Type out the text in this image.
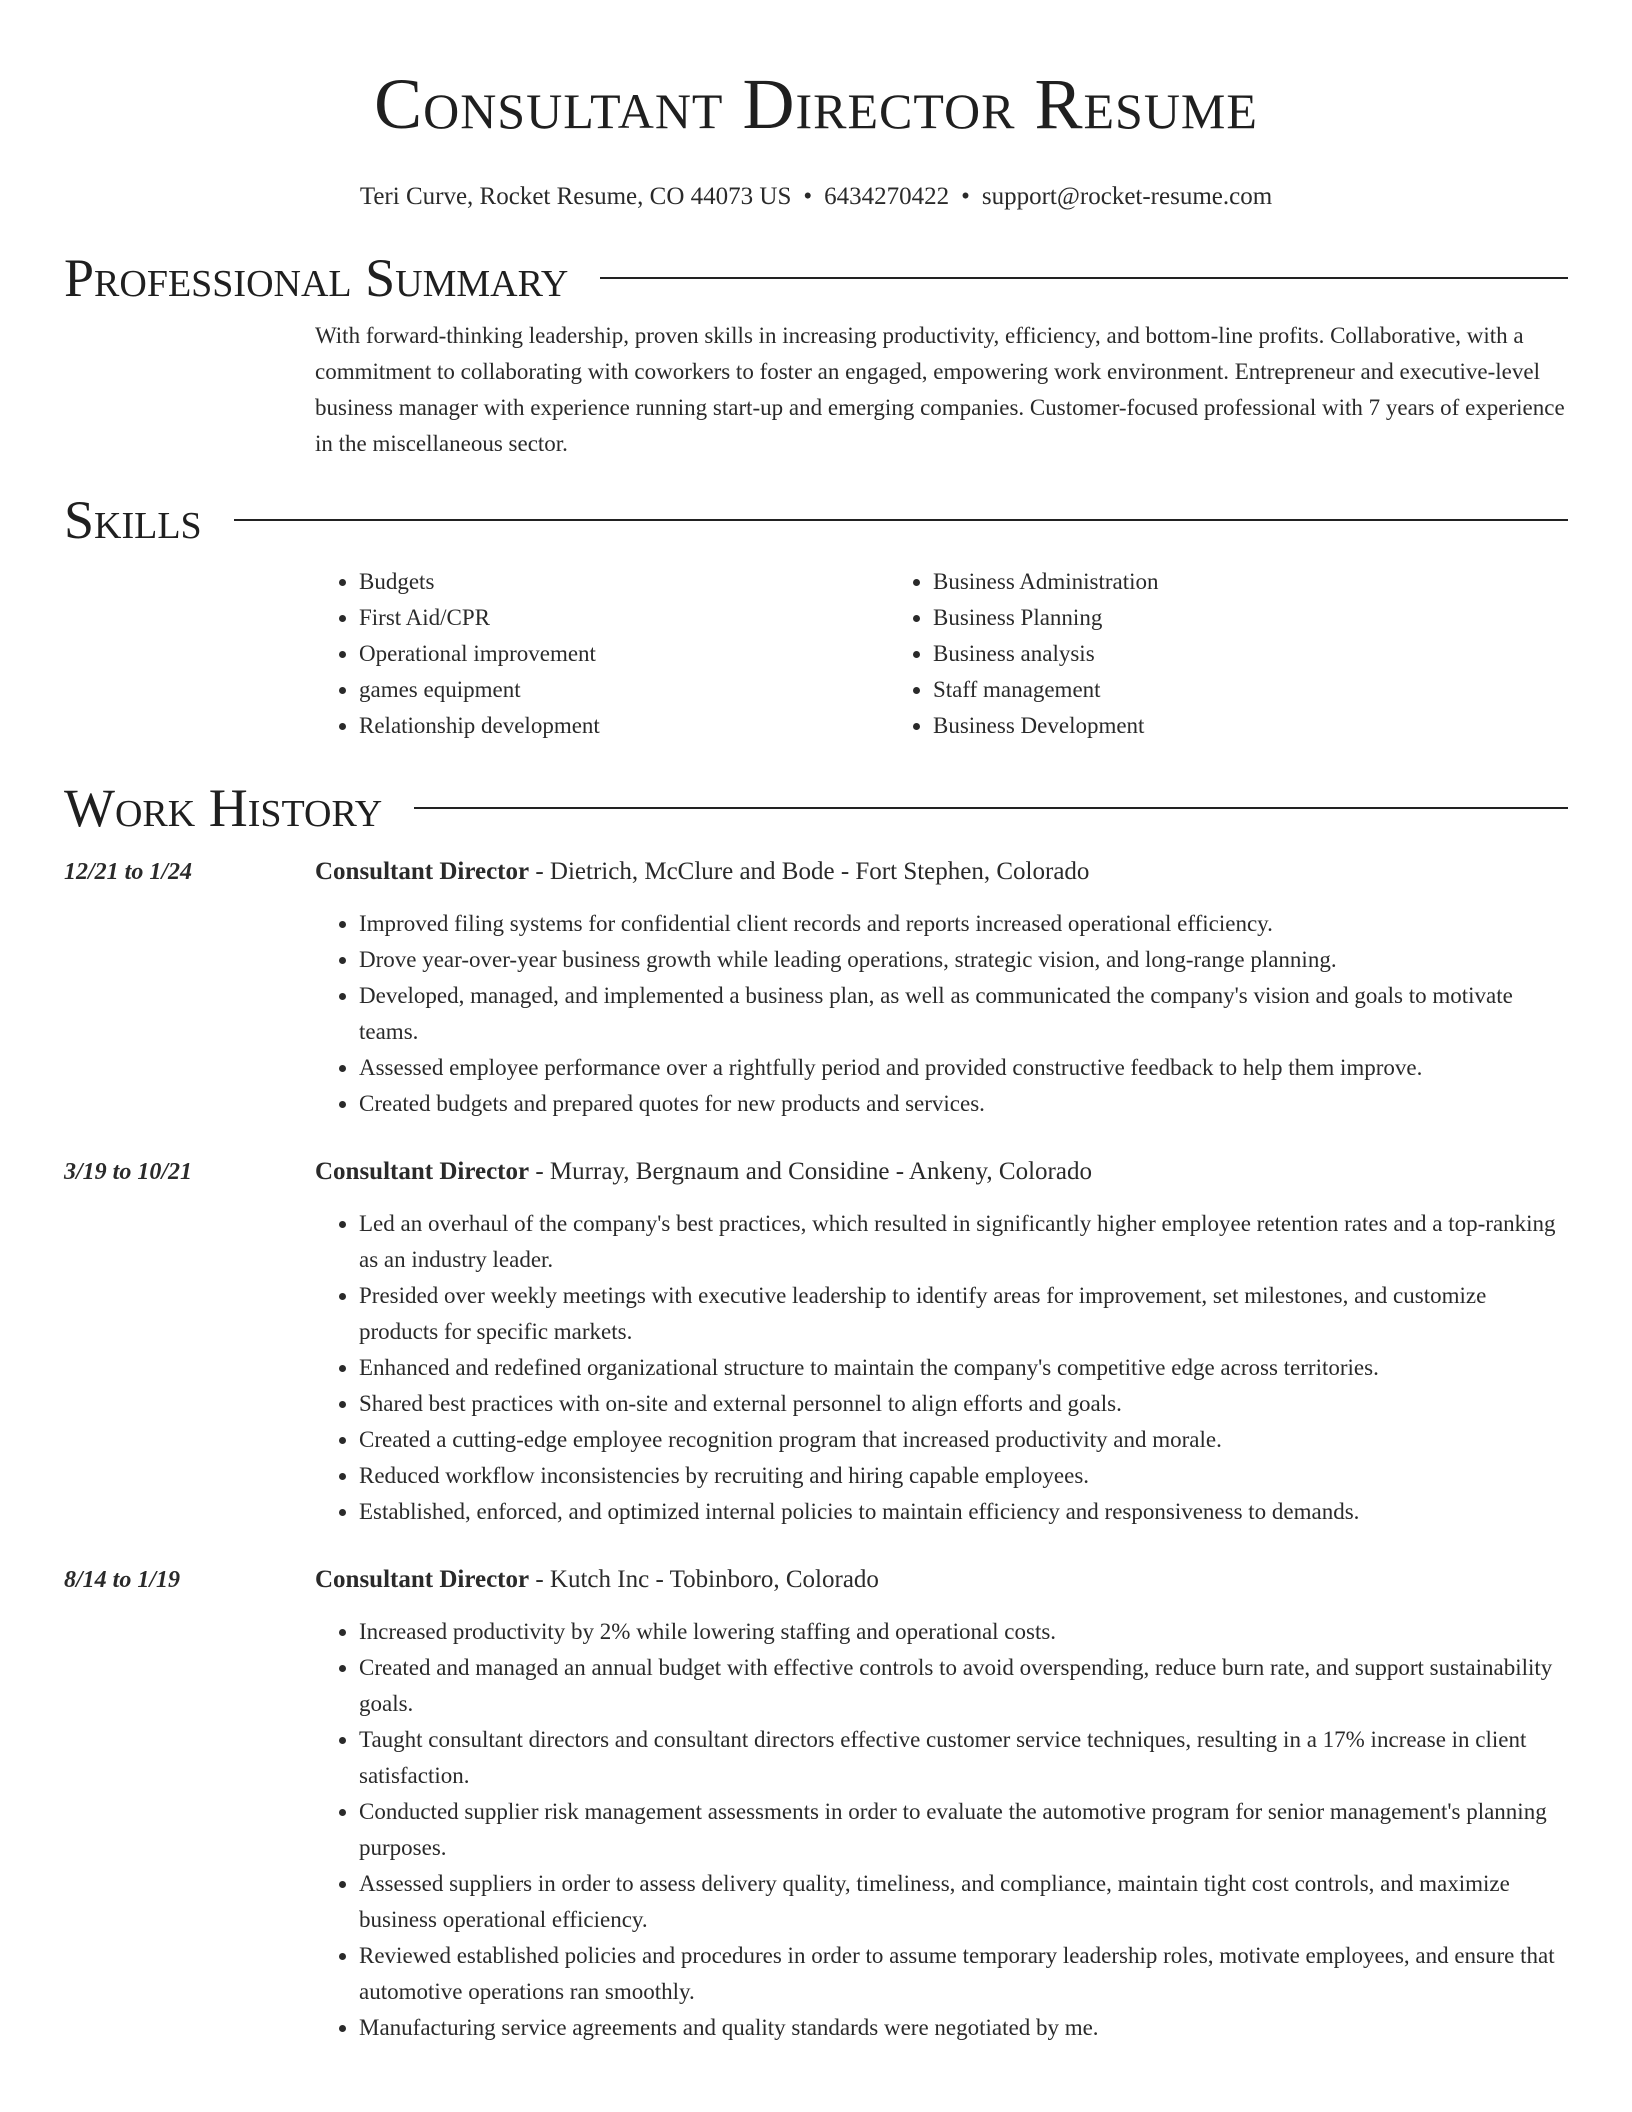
Consultant Director Resume
Teri Curve, Rocket Resume, CO 44073 US • 6434270422 • support@rocket-resume.com
Professional Summary
With forward-thinking leadership, proven skills in increasing productivity, efficiency, and bottom-line profits. Collaborative, with a commitment to collaborating with coworkers to foster an engaged, empowering work environment. Entrepreneur and executive-level business manager with experience running start-up and emerging companies. Customer-focused professional with 7 years of experience in the miscellaneous sector.
Skills
• Budgets
• First Aid/CPR
• Operational improvement
• games equipment
• Relationship development
• Business Administration
• Business Planning
• Business analysis
• Staff management
• Business Development
Work History
12/21 to 1/24	Consultant Director - Dietrich, McClure and Bode - Fort Stephen, Colorado
• Improved filing systems for confidential client records and reports increased operational efficiency.
• Drove year-over-year business growth while leading operations, strategic vision, and long-range planning.
• Developed, managed, and implemented a business plan, as well as communicated the company's vision and goals to motivate teams.
• Assessed employee performance over a rightfully period and provided constructive feedback to help them improve.
• Created budgets and prepared quotes for new products and services.
3/19 to 10/21	Consultant Director - Murray, Bergnaum and Considine - Ankeny, Colorado
• Led an overhaul of the company's best practices, which resulted in significantly higher employee retention rates and a top-ranking as an industry leader.
• Presided over weekly meetings with executive leadership to identify areas for improvement, set milestones, and customize products for specific markets.
• Enhanced and redefined organizational structure to maintain the company's competitive edge across territories.
• Shared best practices with on-site and external personnel to align efforts and goals.
• Created a cutting-edge employee recognition program that increased productivity and morale.
• Reduced workflow inconsistencies by recruiting and hiring capable employees.
• Established, enforced, and optimized internal policies to maintain efficiency and responsiveness to demands.
8/14 to 1/19	Consultant Director - Kutch Inc - Tobinboro, Colorado
• Increased productivity by 2% while lowering staffing and operational costs.
• Created and managed an annual budget with effective controls to avoid overspending, reduce burn rate, and support sustainability goals.
• Taught consultant directors and consultant directors effective customer service techniques, resulting in a 17% increase in client satisfaction.
• Conducted supplier risk management assessments in order to evaluate the automotive program for senior management's planning purposes.
• Assessed suppliers in order to assess delivery quality, timeliness, and compliance, maintain tight cost controls, and maximize business operational efficiency.
• Reviewed established policies and procedures in order to assume temporary leadership roles, motivate employees, and ensure that automotive operations ran smoothly.
• Manufacturing service agreements and quality standards were negotiated by me.
